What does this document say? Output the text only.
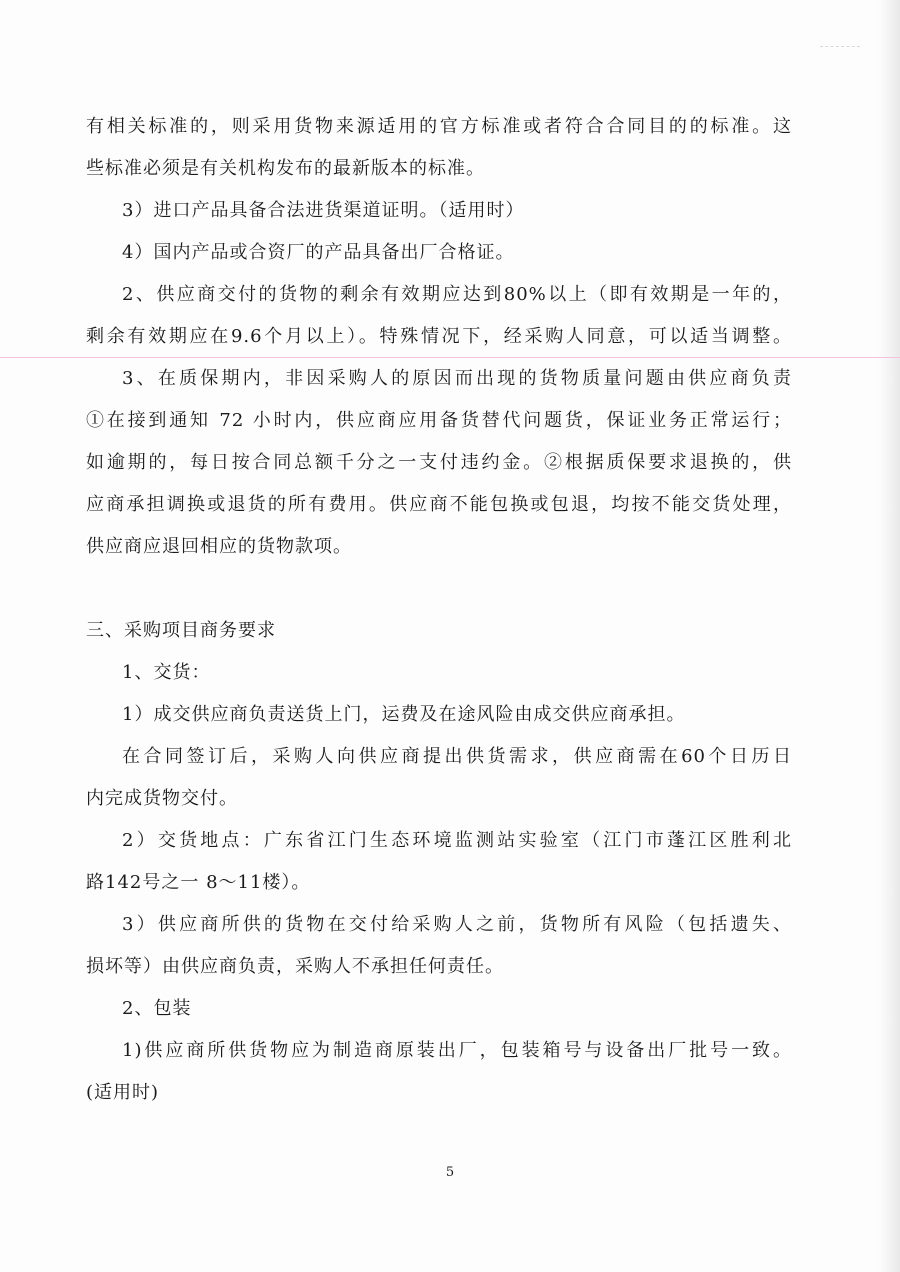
有相关标准的，则采用货物来源适用的官方标准或者符合合同目的的标准。这
些标准必须是有关机构发布的最新版本的标准。
3）进口产品具备合法进货渠道证明。（适用时）
4）国内产品或合资厂的产品具备出厂合格证。
2、供应商交付的货物的剩余有效期应达到80%以上（即有效期是一年的，
剩余有效期应在9.6个月以上）。特殊情况下，经采购人同意，可以适当调整。
3、在质保期内，非因采购人的原因而出现的货物质量问题由供应商负责
①在接到通知 72 小时内，供应商应用备货替代问题货，保证业务正常运行；
如逾期的，每日按合同总额千分之一支付违约金。②根据质保要求退换的，供
应商承担调换或退货的所有费用。供应商不能包换或包退，均按不能交货处理，
供应商应退回相应的货物款项。
三、采购项目商务要求
1、交货：
1）成交供应商负责送货上门，运费及在途风险由成交供应商承担。
在合同签订后，采购人向供应商提出供货需求，供应商需在60个日历日
内完成货物交付。
2）交货地点：广东省江门生态环境监测站实验室（江门市蓬江区胜利北
路142号之一 8～11楼）。
3）供应商所供的货物在交付给采购人之前，货物所有风险（包括遗失、
损坏等）由供应商负责，采购人不承担任何责任。
2、包装
1)供应商所供货物应为制造商原装出厂，包装箱号与设备出厂批号一致。
(适用时)
5
